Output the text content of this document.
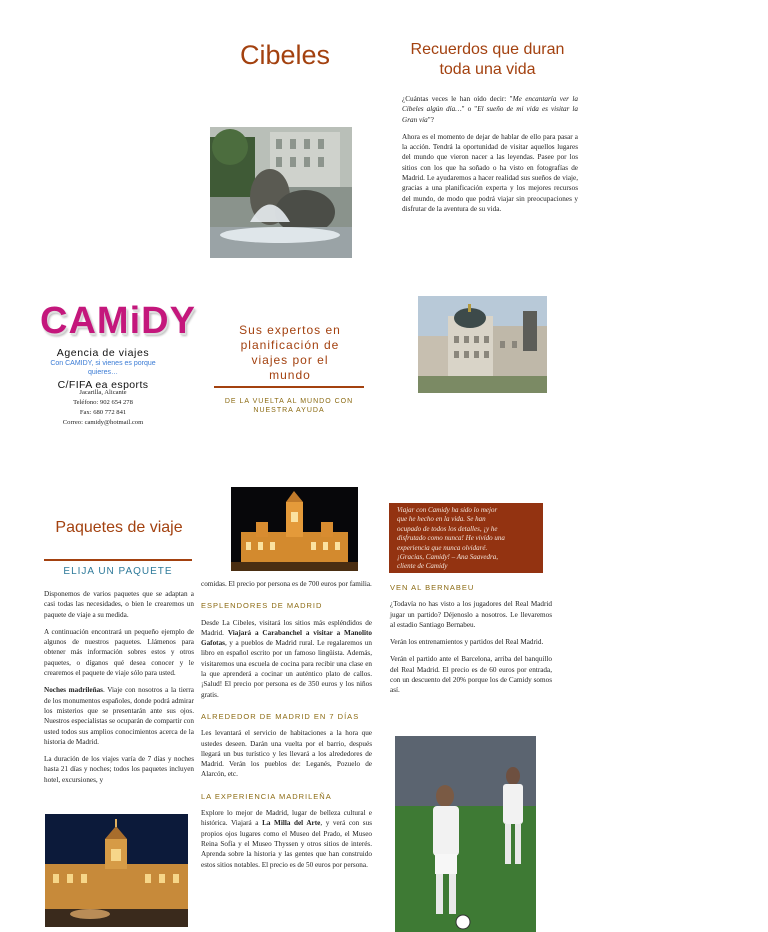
Cibeles	Recuerdos que duran
toda una vida

¿Cuántas veces le han oído decir: "Me encantaría ver la Cibeles algún día…" o "El sueño de mi vida es visitar la Gran vía"?

Ahora es el momento de dejar de hablar de ello para pasar a la acción. Tendrá la oportunidad de visitar aquellos lugares del mundo que vieron nacer a las leyendas. Pasee por los sitios con los que ha soñado o ha visto en fotografías de Madrid. Le ayudaremos a hacer realidad sus sueños de viaje, gracias a una planificación experta y los mejores recursos del mundo, de modo que podrá viajar sin preocupaciones y disfrutar de la aventura de su vida.

CAMiDY
Agencia de viajes
Con CAMIDY, si vienes es porque
quieres…
C/FIFA ea esports
Jacarilla, Alicante
Teléfono: 902 654 278
Fax: 680 772 841
Correo: camidy@hotmail.com
Sus expertos en
planificación de
viajes por el
mundo
DE LA VUELTA AL MUNDO CON
NUESTRA AYUDA
Paquetes de viaje
ELIJA UN PAQUETE

Disponemos de varios paquetes que se adaptan a casi todas las necesidades, o bien le crearemos un paquete de viaje a su medida.

A continuación encontrará un pequeño ejemplo de algunos de nuestros paquetes. Llámenos para obtener más información sobres estos y otros paquetes, o díganos qué desea conocer y le crearemos el paquete de viaje sólo para usted.

Noches madrileñas. Viaje con nosotros a la tierra de los monumentos españoles, donde podrá admirar los misterios que se presentarán ante sus ojos. Nuestros especialistas se ocuparán de compartir con usted todos sus amplios conocimientos acerca de la historia de Madrid.

La duración de los viajes varía de 7 días y noches hasta 21 días y noches; todos los paquetes incluyen hotel, excursiones, y

comidas. El precio por persona es de 700 euros por familia.

ESPLENDORES DE MADRID

Desde La Cibeles, visitará los sitios más espléndidos de Madrid. Viajará a Carabanchel a visitar a Manolito Gafotas, y a pueblos de Madrid rural. Le regalaremos un libro en español escrito por un famoso lingüista. Además, visitaremos una escuela de cocina para recibir una clase en la que aprenderá a cocinar un auténtico plato de callos. ¡Salud! El precio por persona es de 350 euros y los niños gratis.

ALREDEDOR DE MADRID EN 7 DÍAS

Les levantará el servicio de habitaciones a la hora que ustedes deseen. Darán una vuelta por el barrio, después llegará un bus turístico y les llevará a los alrededores de Madrid. Verán los pueblos de: Leganés, Pozuelo de Alarcón, etc.

LA EXPERIENCIA MADRILEÑA

Explore lo mejor de Madrid, lugar de belleza cultural e histórica. Viajará a La Milla del Arte, y verá con sus propios ojos lugares como el Museo del Prado, el Museo Reina Sofía y el Museo Thyssen y otros sitios de interés. Aprenda sobre la historia y las gentes que han construido estos sitios notables. El precio es de 50 euros por persona.

Viajar con Camidy ha sido lo mejor
que he hecho en la vida. Se han
ocupado de todos los detalles, ¡y he
disfrutado como nunca! He vivido una
experiencia que nunca olvidaré.
¡Gracias, Camidy! – Ana Saavedra,
cliente de Camidy
VEN AL BERNABEU

¿Todavía no has visto a los jugadores del Real Madrid jugar un partido? Déjenoslo a nosotros. Le llevaremos al estadio Santiago Bernabeu.

Verán los entrenamientos y partidos del Real Madrid.

Verán el partido ante el Barcelona, arriba del banquillo del Real Madrid. El precio es de 60 euros por entrada, con un descuento del 20% porque los de Camidy somos así.
